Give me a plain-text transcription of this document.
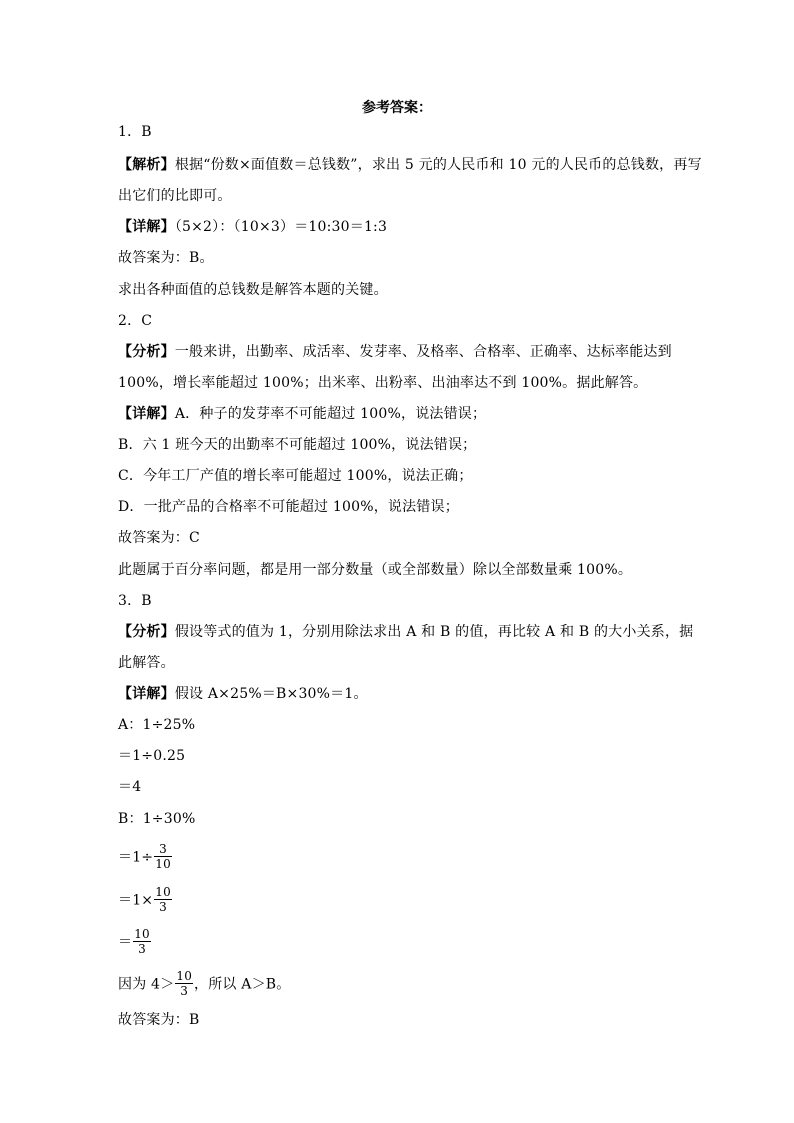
参考答案：
1．B
【解析】根据“份数×面值数＝总钱数”，求出 5 元的人民币和 10 元的人民币的总钱数，再写
出它们的比即可。
【详解】（5×2）：（10×3）＝10:30＝1:3
故答案为：B。
求出各种面值的总钱数是解答本题的关键。
2．C
【分析】一般来讲，出勤率、成活率、发芽率、及格率、合格率、正确率、达标率能达到
100%，增长率能超过 100%；出米率、出粉率、出油率达不到 100%。据此解答。
【详解】A．种子的发芽率不可能超过 100%，说法错误；
B．六 1 班今天的出勤率不可能超过 100%，说法错误；
C．今年工厂产值的增长率可能超过 100%，说法正确；
D．一批产品的合格率不可能超过 100%，说法错误；
故答案为：C
此题属于百分率问题，都是用一部分数量（或全部数量）除以全部数量乘 100%。
3．B
【分析】假设等式的值为 1，分别用除法求出 A 和 B 的值，再比较 A 和 B 的大小关系，据
此解答。
【详解】假设 A×25%＝B×30%＝1。
A：1÷25%
＝1÷0.25
＝4
B：1÷30%
$=1\div \frac{3}{10}$
$=1\times \frac{10}{3}$
＝ $\frac{10}{3}$
因为 $4> \frac{10}{3}$ ，所以 A＞B。
故答案为：B
